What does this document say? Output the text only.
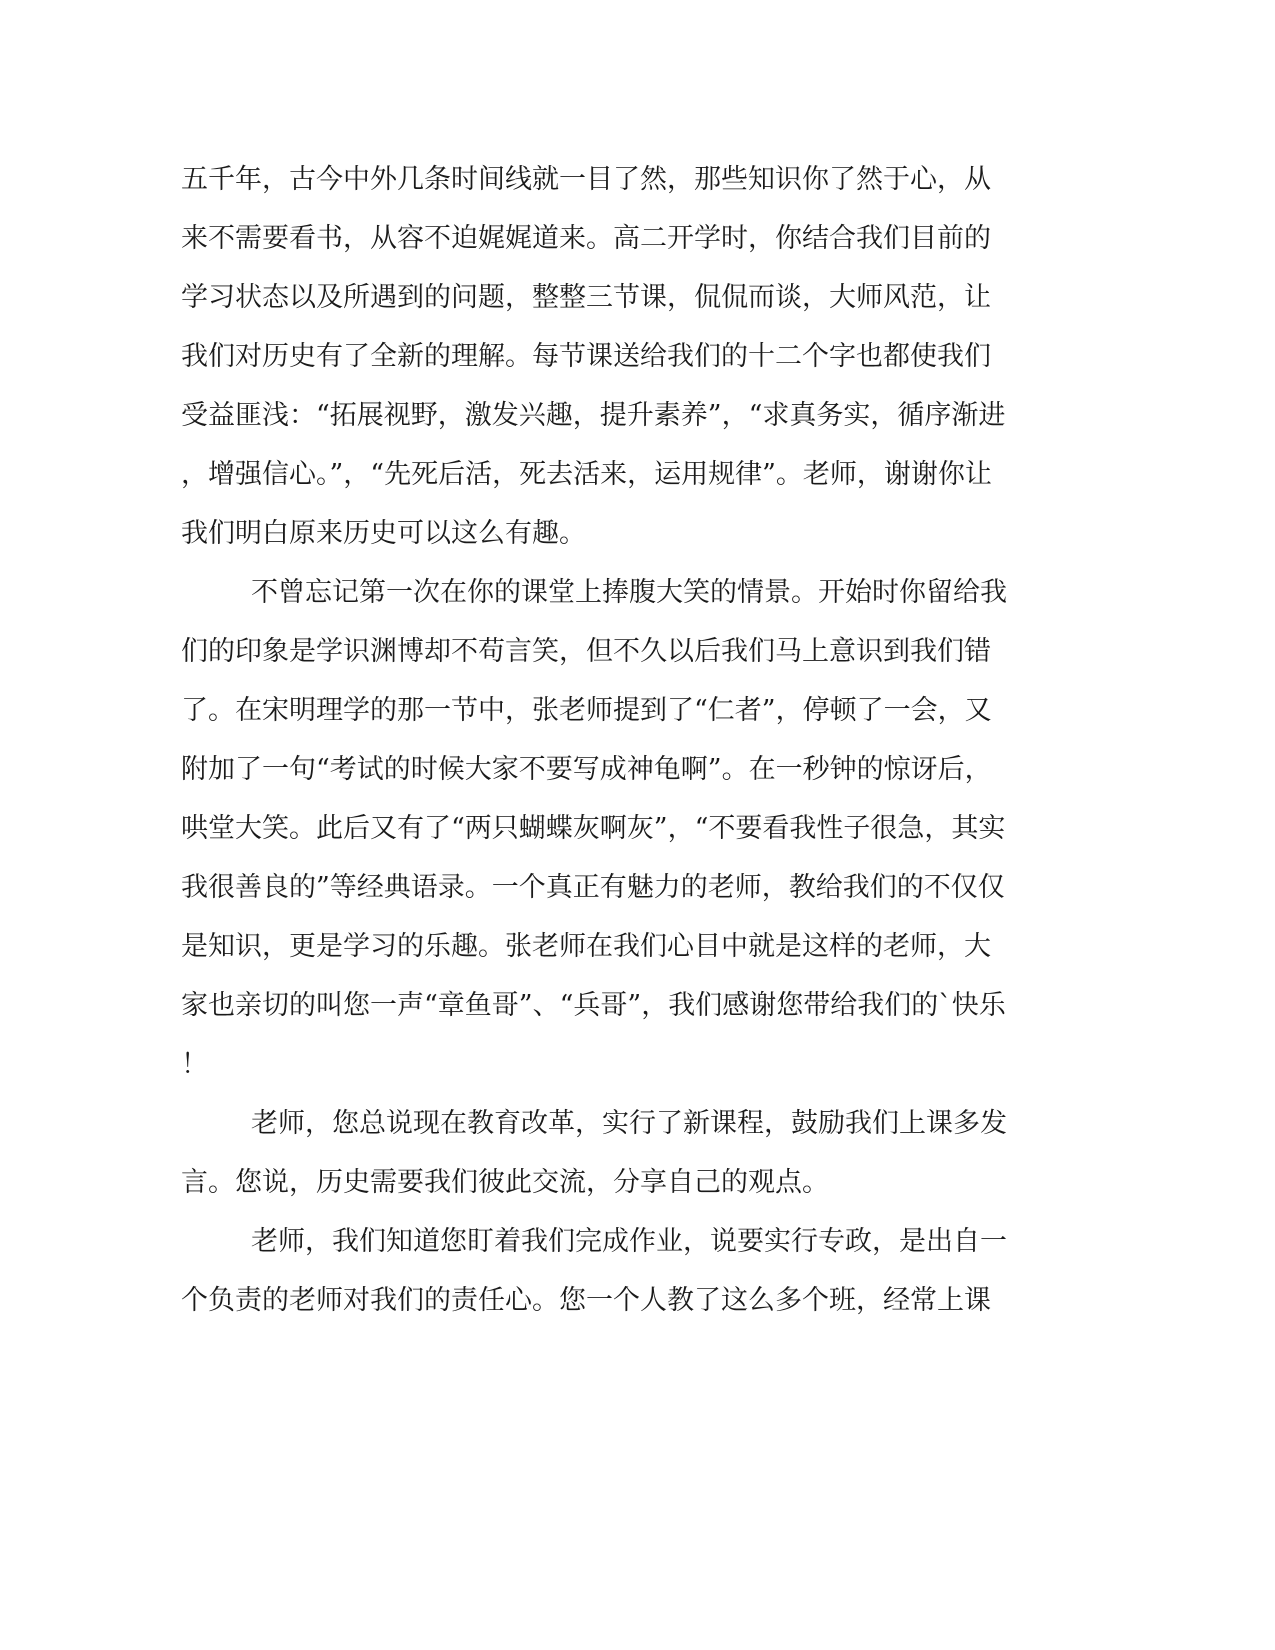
五千年，古今中外几条时间线就一目了然，那些知识你了然于心，从
来不需要看书，从容不迫娓娓道来。高二开学时，你结合我们目前的
学习状态以及所遇到的问题，整整三节课，侃侃而谈，大师风范，让
我们对历史有了全新的理解。每节课送给我们的十二个字也都使我们
受益匪浅：“拓展视野，激发兴趣，提升素养”，“求真务实，循序渐进
，增强信心。”，“先死后活，死去活来，运用规律”。老师，谢谢你让
我们明白原来历史可以这么有趣。
不曾忘记第一次在你的课堂上捧腹大笑的情景。开始时你留给我
们的印象是学识渊博却不苟言笑，但不久以后我们马上意识到我们错
了。在宋明理学的那一节中，张老师提到了“仁者”，停顿了一会，又
附加了一句“考试的时候大家不要写成神龟啊”。在一秒钟的惊讶后，
哄堂大笑。此后又有了“两只蝴蝶灰啊灰”，“不要看我性子很急，其实
我很善良的”等经典语录。一个真正有魅力的老师，教给我们的不仅仅
是知识，更是学习的乐趣。张老师在我们心目中就是这样的老师，大
家也亲切的叫您一声“章鱼哥”、“兵哥”，我们感谢您带给我们的`快乐
！
老师，您总说现在教育改革，实行了新课程，鼓励我们上课多发
言。您说，历史需要我们彼此交流，分享自己的观点。
老师，我们知道您盯着我们完成作业，说要实行专政，是出自一
个负责的老师对我们的责任心。您一个人教了这么多个班，经常上课
